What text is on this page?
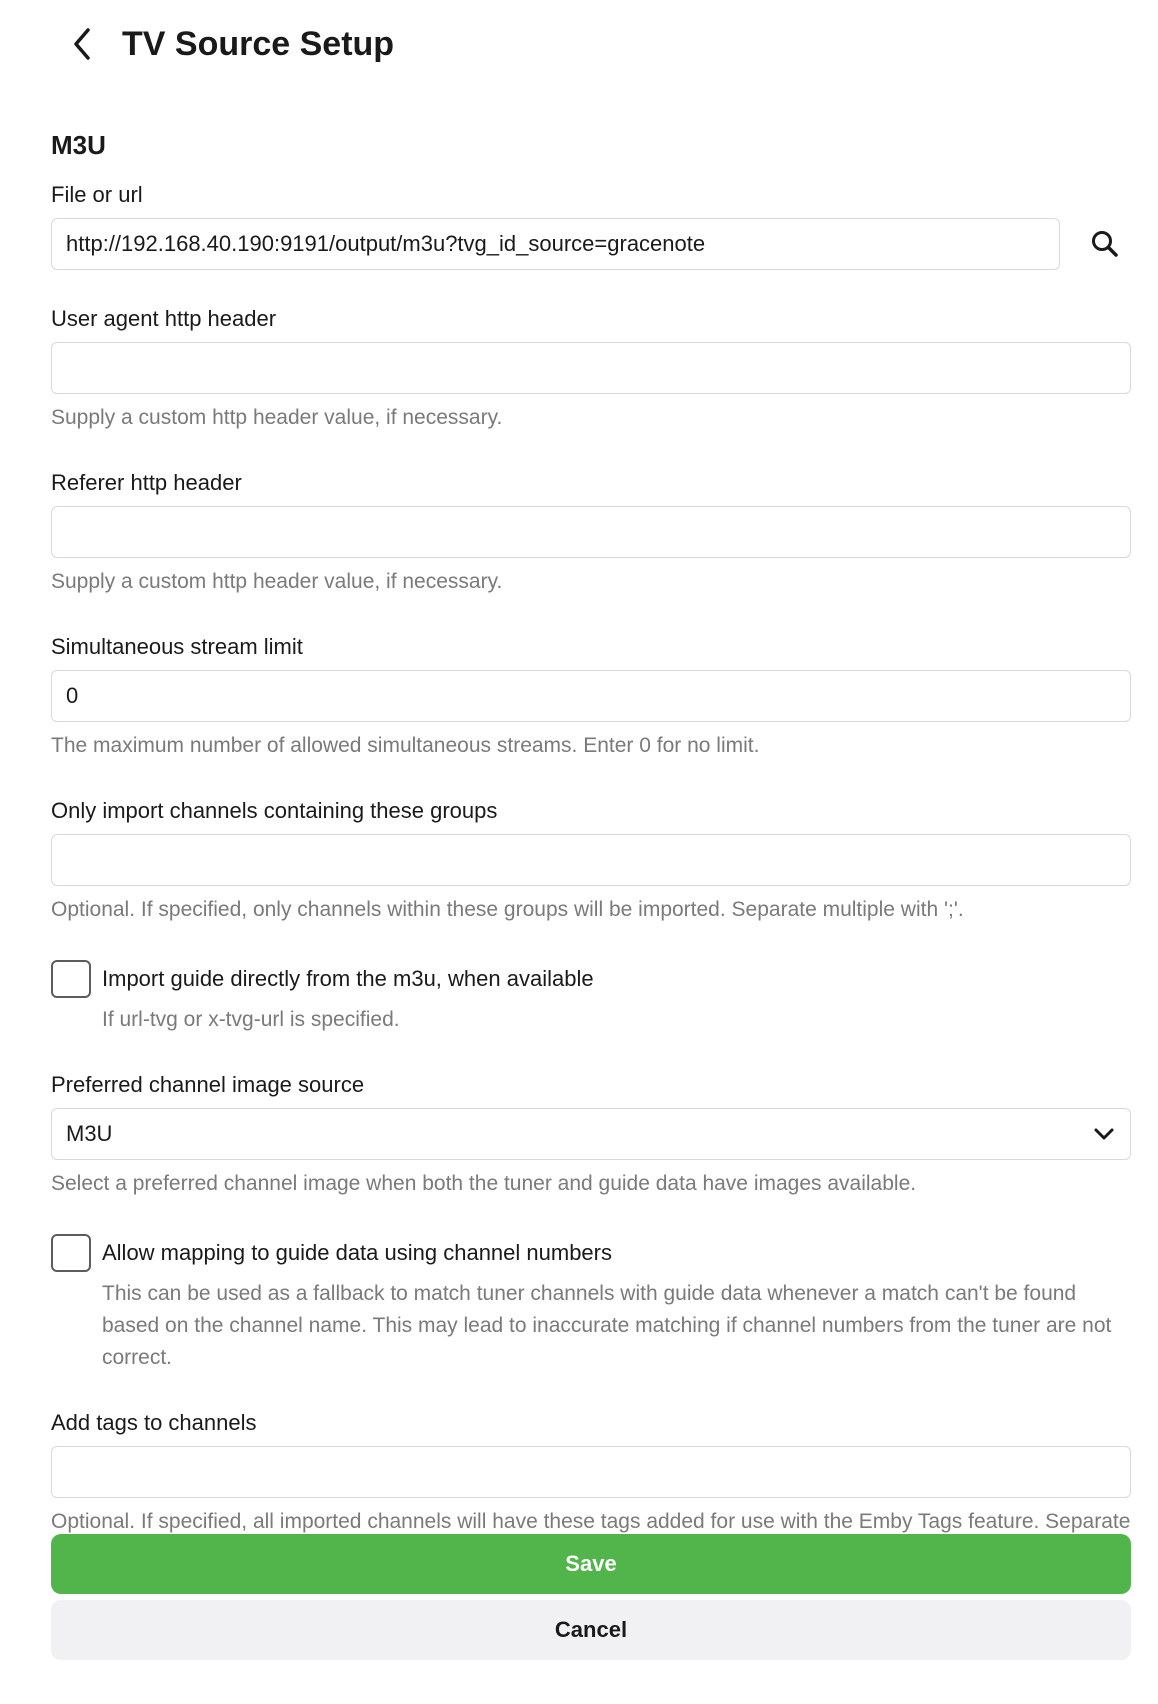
TV Source Setup
M3U
File or url
http://192.168.40.190:9191/output/m3u?tvg_id_source=gracenote
User agent http header
Supply a custom http header value, if necessary.
Referer http header
Supply a custom http header value, if necessary.
Simultaneous stream limit
0
The maximum number of allowed simultaneous streams. Enter 0 for no limit.
Only import channels containing these groups
Optional. If specified, only channels within these groups will be imported. Separate multiple with ';'.
Import guide directly from the m3u, when available
If url-tvg or x-tvg-url is specified.
Preferred channel image source
M3U
Select a preferred channel image when both the tuner and guide data have images available.
Allow mapping to guide data using channel numbers
This can be used as a fallback to match tuner channels with guide data whenever a match can't be found based on the channel name. This may lead to inaccurate matching if channel numbers from the tuner are not correct.
Add tags to channels
Optional. If specified, all imported channels will have these tags added for use with the Emby Tags feature. Separate
Save
Cancel
